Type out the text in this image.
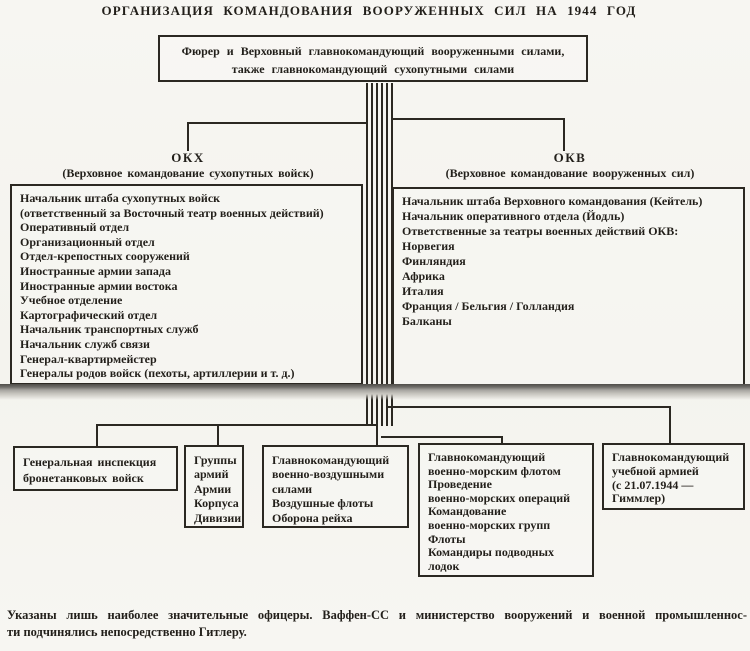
ОРГАНИЗАЦИЯ КОМАНДОВАНИЯ ВООРУЖЕННЫХ СИЛ НА 1944 ГОД
Фюрер и Верховный главнокомандующий вооруженными силами,
также главнокомандующий сухопутными силами
ОКХ
(Верховное командование сухопутных войск)
ОКВ
(Верховное командование вооруженных сил)
Начальник штаба сухопутных войск
(ответственный за Восточный театр военных действий)
Оперативный отдел
Организационный отдел
Отдел-крепостных сооружений
Иностранные армии запада
Иностранные армии востока
Учебное отделение
Картографический отдел
Начальник транспортных служб
Начальник служб связи
Генерал-квартирмейстер
Генералы родов войск (пехоты, артиллерии и т. д.)
Начальник штаба Верховного командования (Кейтель)
Начальник оперативного отдела (Йодль)
Ответственные за театры военных действий ОКВ:
Норвегия
Финляндия
Африка
Италия
Франция / Бельгия / Голландия
Балканы
Генеральная инспекция
бронетанковых войск
Группы
армий
Армии
Корпуса
Дивизии
Главнокомандующий
военно-воздушными
силами
Воздушные флоты
Оборона рейха
Главнокомандующий
военно-морским флотом
Проведение
военно-морских операций
Командование
военно-морских групп
Флоты
Командиры подводных
лодок
Главнокомандующий
учебной армией
(с 21.07.1944 —
Гиммлер)
Указаны лишь наиболее значительные офицеры. Ваффен-СС и министерство вооружений и военной промышленнос-
ти подчинялись непосредственно Гитлеру.
